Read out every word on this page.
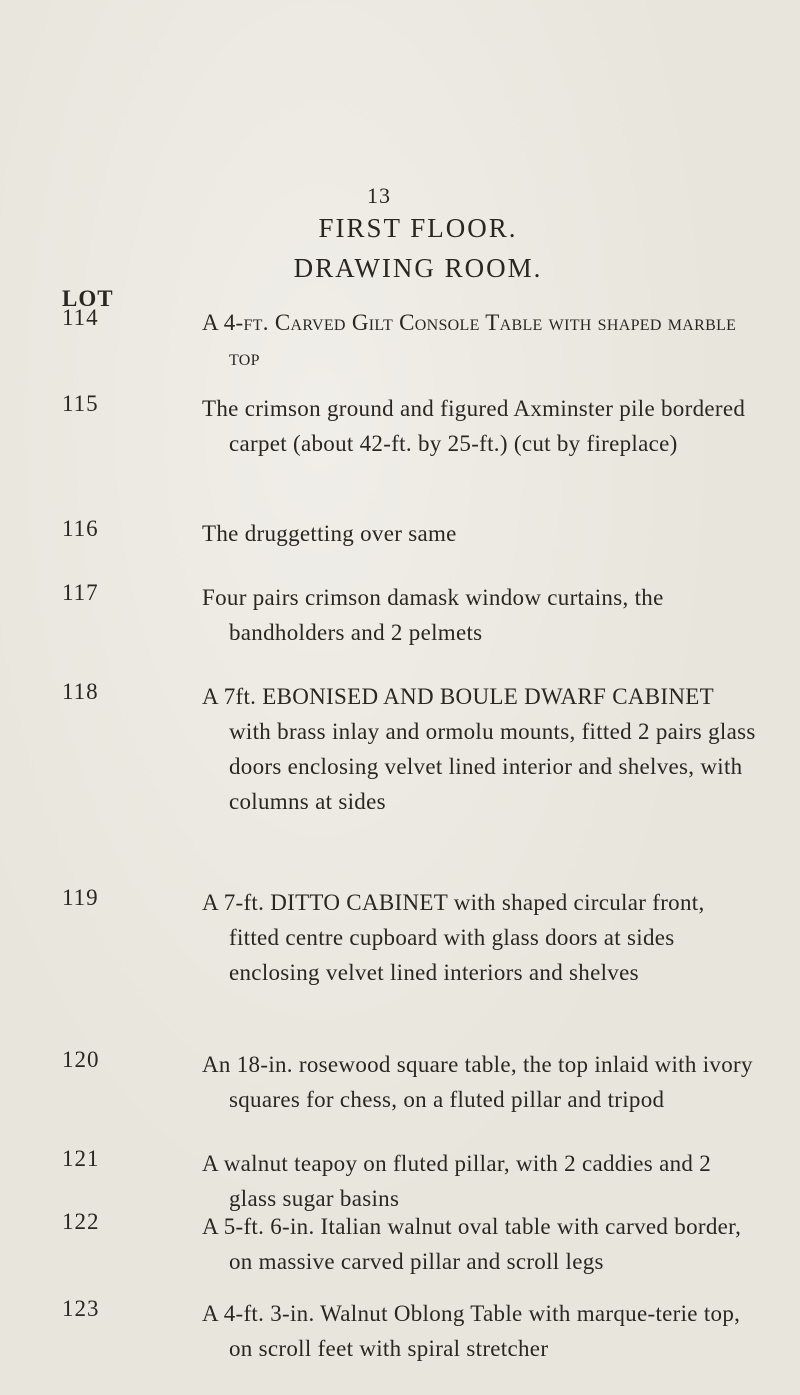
13
FIRST FLOOR.
DRAWING ROOM.
LOT
114	A 4-ft. Carved Gilt Console Table with shaped marble top
115	The crimson ground and figured Axminster pile bordered carpet (about 42-ft. by 25-ft.) (cut by fireplace)
116	The druggetting over same
117	Four pairs crimson damask window curtains, the bandholders and 2 pelmets
118	A 7ft. EBONISED AND BOULE DWARF CABINET with brass inlay and ormolu mounts, fitted 2 pairs glass doors enclosing velvet lined interior and shelves, with columns at sides
119	A 7-ft. DITTO CABINET with shaped circular front, fitted centre cupboard with glass doors at sides enclosing velvet lined interiors and shelves
120	An 18-in. rosewood square table, the top inlaid with ivory squares for chess, on a fluted pillar and tripod
121	A walnut teapoy on fluted pillar, with 2 caddies and 2 glass sugar basins
122	A 5-ft. 6-in. Italian walnut oval table with carved border, on massive carved pillar and scroll legs
123	A 4-ft. 3-in. Walnut Oblong Table with marque-terie top, on scroll feet with spiral stretcher
